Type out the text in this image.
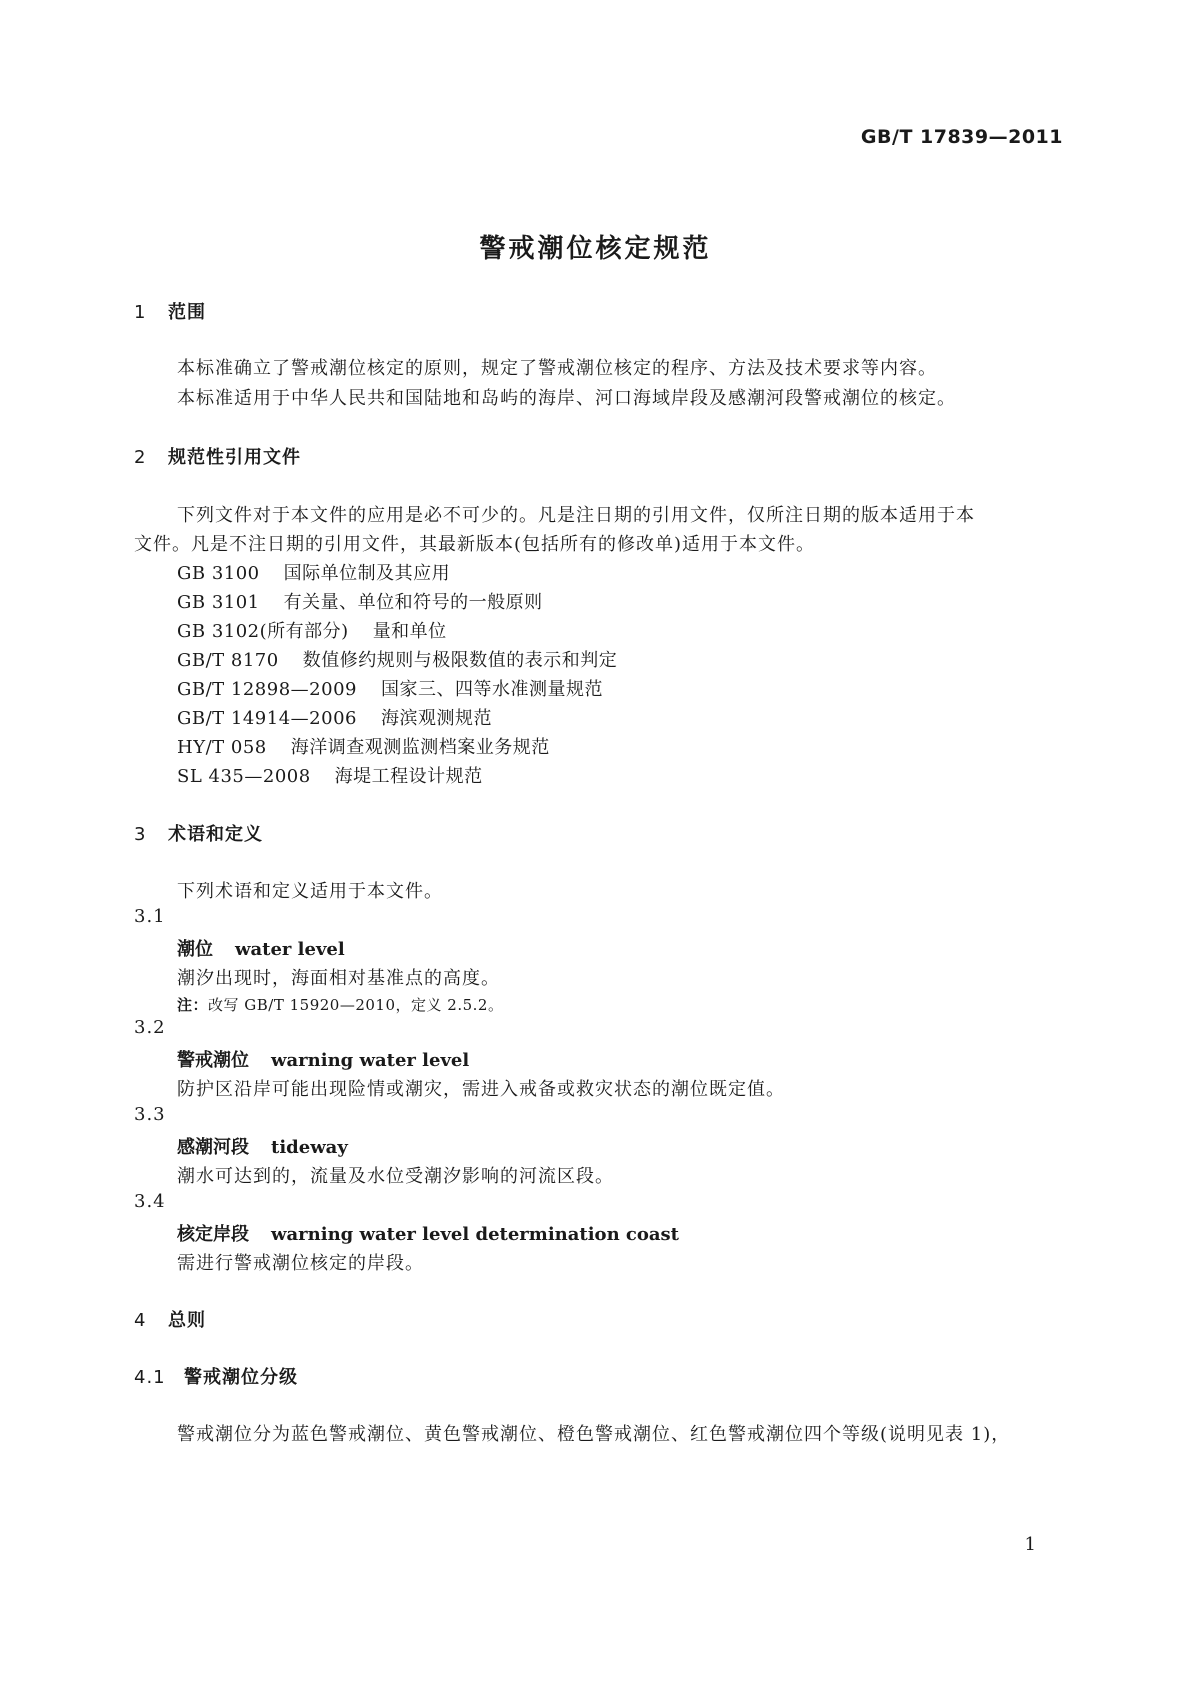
GB/T 17839—2011
警戒潮位核定规范
1 范围
本标准确立了警戒潮位核定的原则，规定了警戒潮位核定的程序、方法及技术要求等内容。
本标准适用于中华人民共和国陆地和岛屿的海岸、河口海域岸段及感潮河段警戒潮位的核定。
2 规范性引用文件
下列文件对于本文件的应用是必不可少的。凡是注日期的引用文件，仅所注日期的版本适用于本
文件。凡是不注日期的引用文件，其最新版本(包括所有的修改单)适用于本文件。
GB 3100 国际单位制及其应用
GB 3101 有关量、单位和符号的一般原则
GB 3102(所有部分) 量和单位
GB/T 8170 数值修约规则与极限数值的表示和判定
GB/T 12898—2009 国家三、四等水准测量规范
GB/T 14914—2006 海滨观测规范
HY/T 058 海洋调查观测监测档案业务规范
SL 435—2008 海堤工程设计规范
3 术语和定义
下列术语和定义适用于本文件。
3.1
潮位 water level
潮汐出现时，海面相对基准点的高度。
注：改写 GB/T 15920—2010，定义 2.5.2。
3.2
警戒潮位 warning water level
防护区沿岸可能出现险情或潮灾，需进入戒备或救灾状态的潮位既定值。
3.3
感潮河段 tideway
潮水可达到的，流量及水位受潮汐影响的河流区段。
3.4
核定岸段 warning water level determination coast
需进行警戒潮位核定的岸段。
4 总则
4.1 警戒潮位分级
警戒潮位分为蓝色警戒潮位、黄色警戒潮位、橙色警戒潮位、红色警戒潮位四个等级(说明见表 1)，
1
